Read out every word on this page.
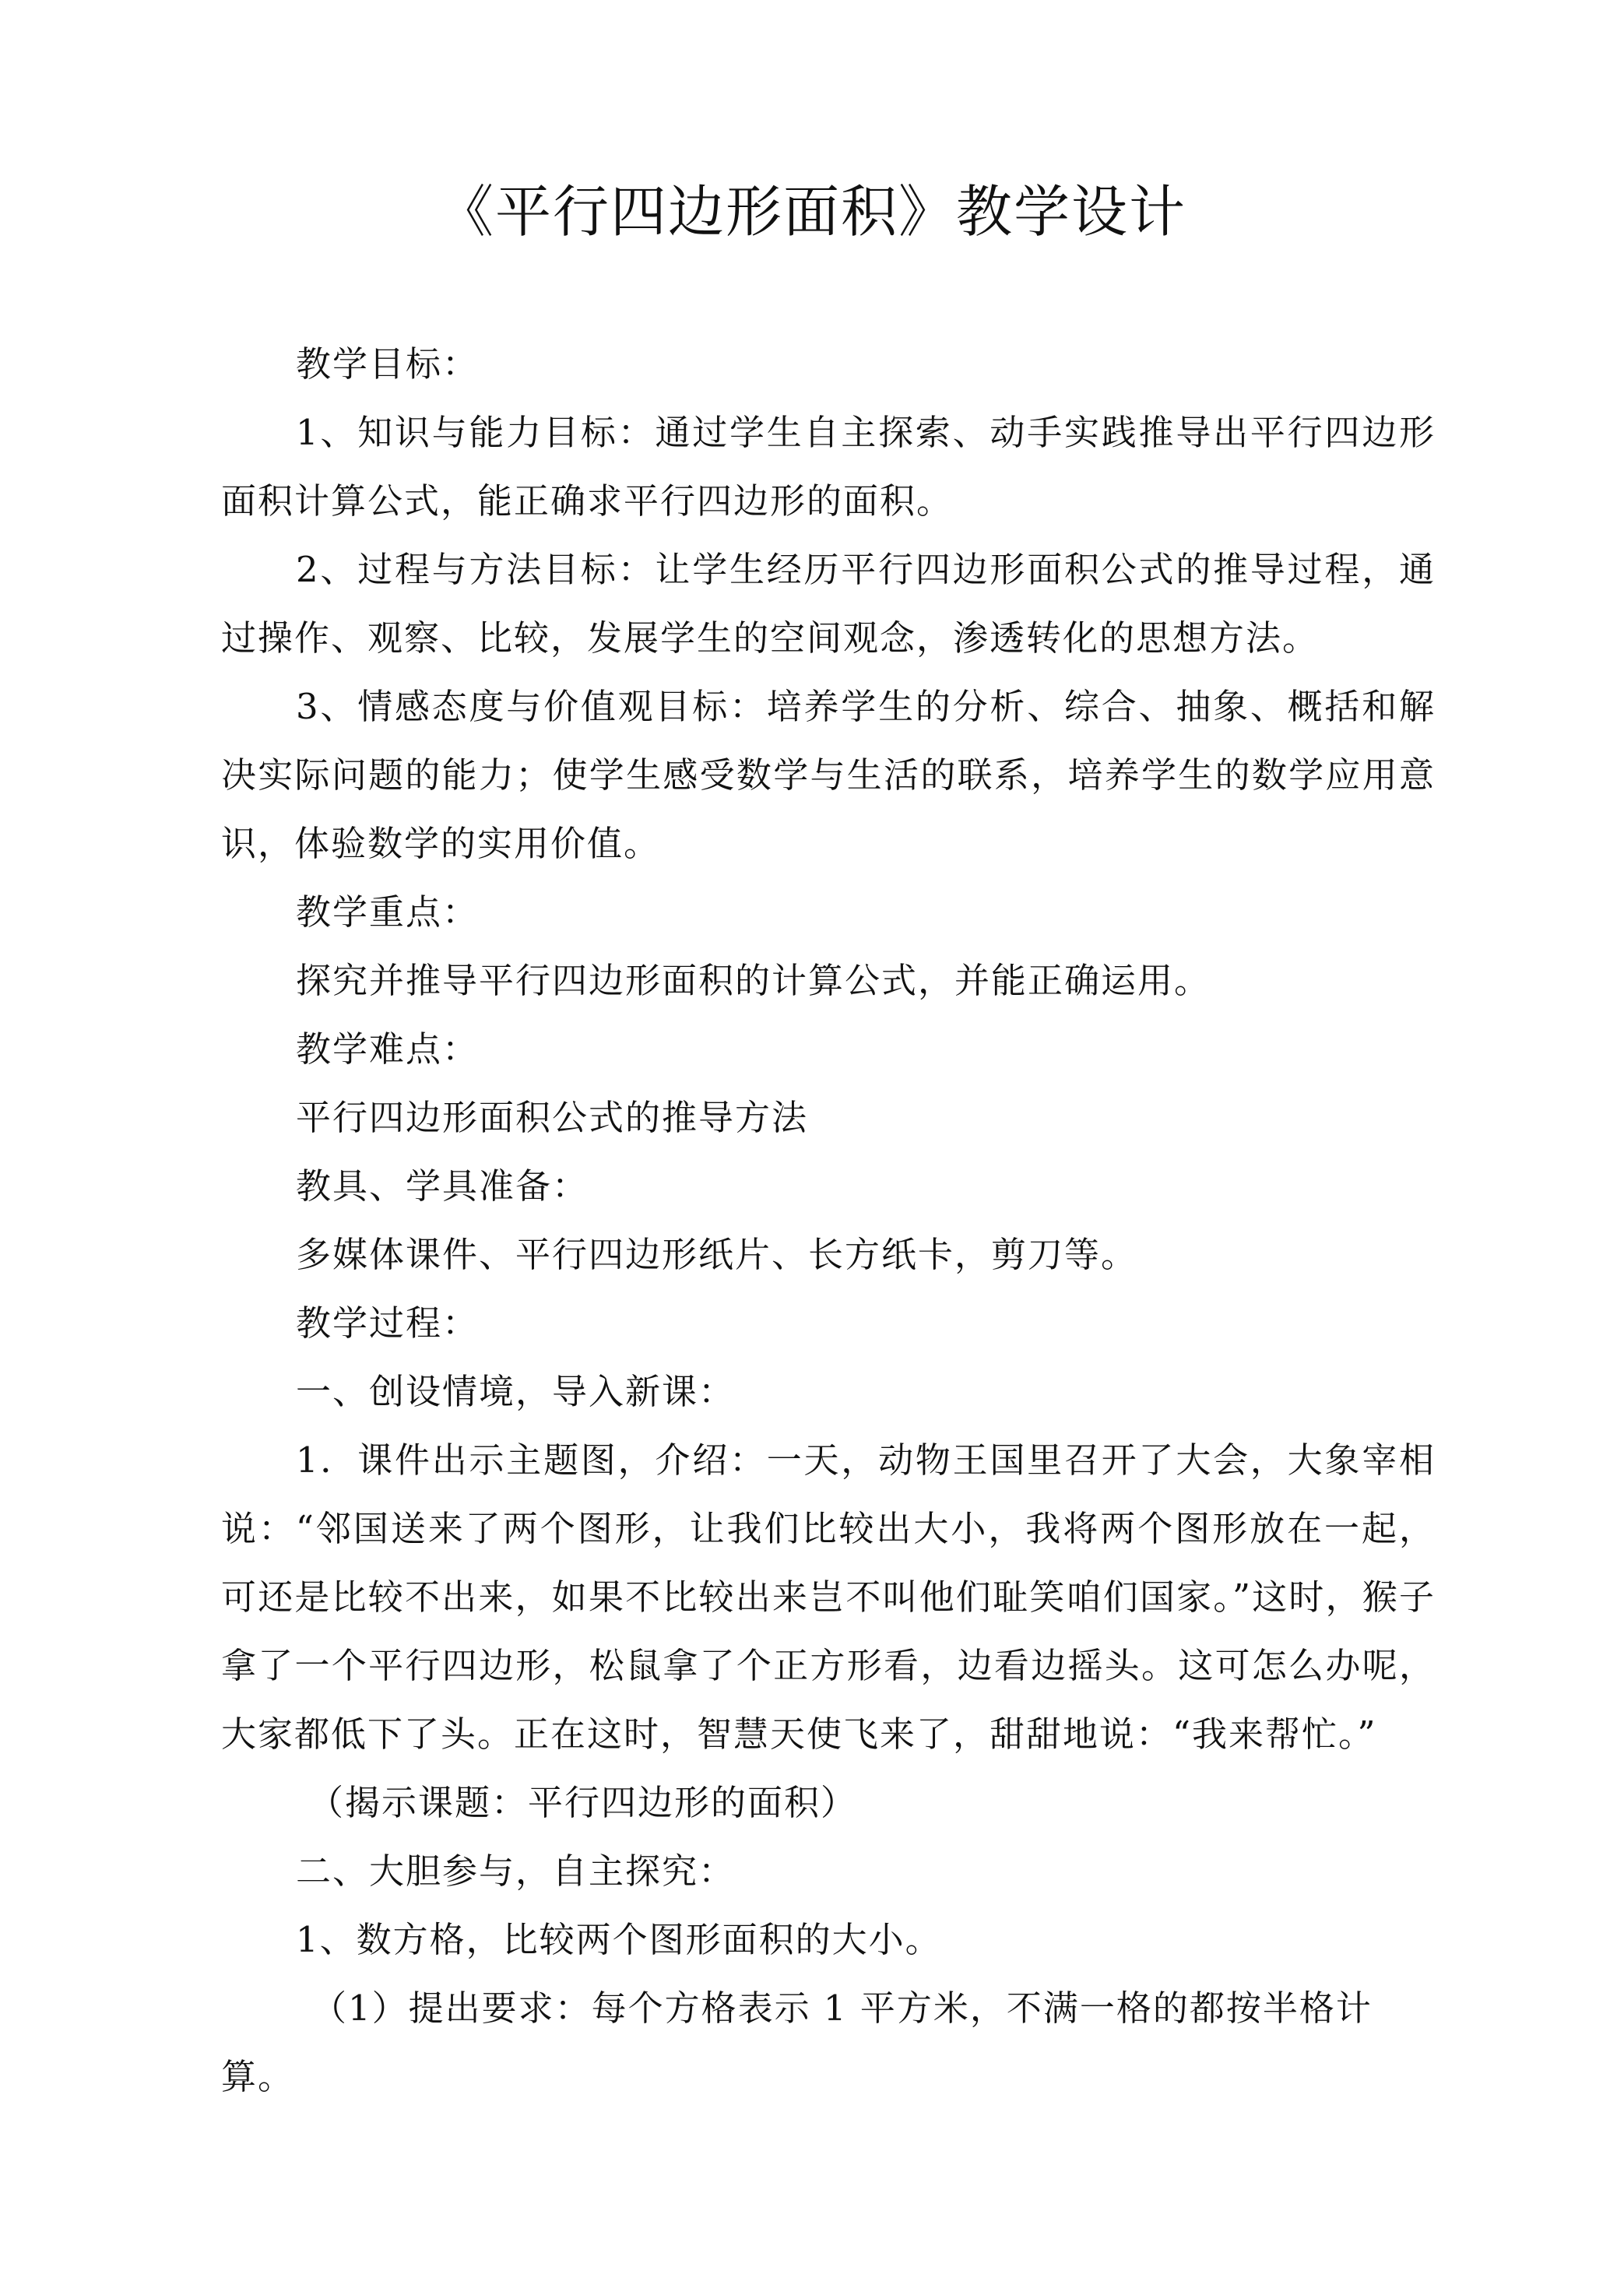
《平行四边形面积》教学设计

教学目标：

1、知识与能力目标：通过学生自主探索、动手实践推导出平行四边形面积计算公式，能正确求平行四边形的面积。

2、过程与方法目标：让学生经历平行四边形面积公式的推导过程，通过操作、观察、比较，发展学生的空间观念，渗透转化的思想方法。

3、情感态度与价值观目标：培养学生的分析、综合、抽象、概括和解决实际问题的能力；使学生感受数学与生活的联系，培养学生的数学应用意识，体验数学的实用价值。

教学重点：

探究并推导平行四边形面积的计算公式，并能正确运用。

教学难点：

平行四边形面积公式的推导方法

教具、学具准备：

多媒体课件、平行四边形纸片、长方纸卡，剪刀等。

教学过程：

一、创设情境，导入新课：

1．课件出示主题图，介绍：一天，动物王国里召开了大会，大象宰相说：“邻国送来了两个图形，让我们比较出大小，我将两个图形放在一起，可还是比较不出来，如果不比较出来岂不叫他们耻笑咱们国家。”这时，猴子拿了一个平行四边形，松鼠拿了个正方形看，边看边摇头。这可怎么办呢，大家都低下了头。正在这时，智慧天使飞来了，甜甜地说：“我来帮忙。”

（揭示课题：平行四边形的面积）

二、大胆参与，自主探究：

1、数方格，比较两个图形面积的大小。

（1）提出要求：每个方格表示 1 平方米，不满一格的都按半格计算。
